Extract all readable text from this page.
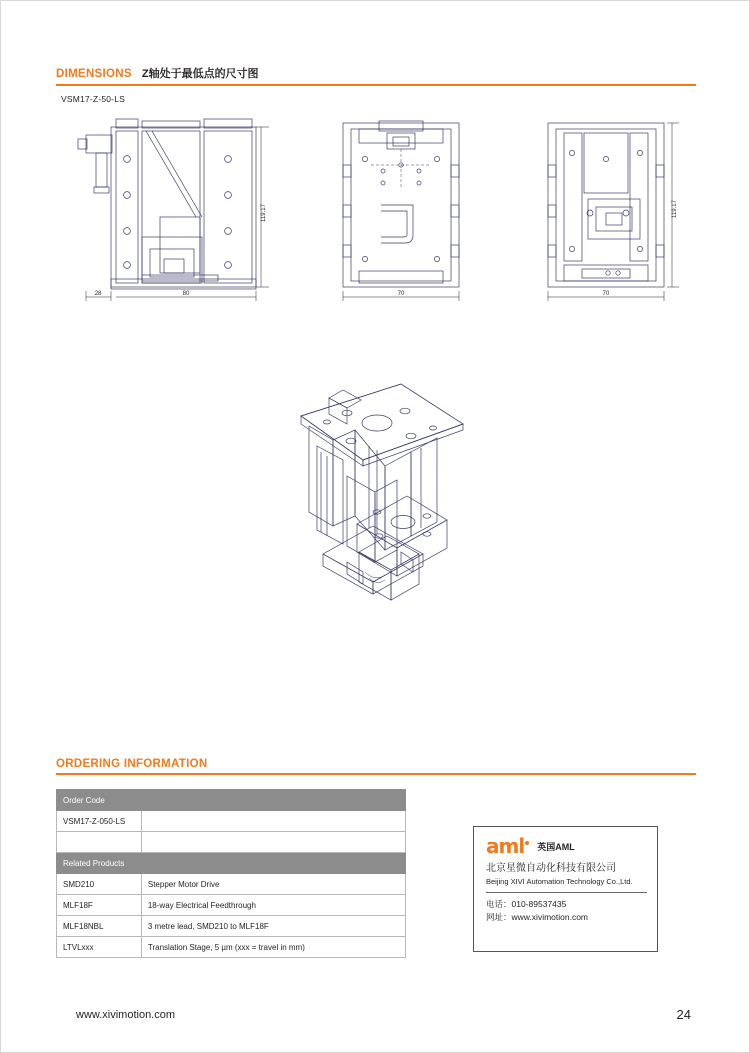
DIMENSIONS Z轴处于最低点的尺寸图
VSM17-Z-50-LS
119.17
28	80	70
119.17
70
ORDERING INFORMATION
Order Code	
VSM17-Z-050-LS	

Related Products	
SMD210	Stepper Motor Drive
MLF18F	18-way Electrical Feedthrough
MLF18NBL	3 metre lead, SMD210 to MLF18F
LTVLxxx	Translation Stage, 5 µm (xxx = travel in mm)
aml	英国AML
北京星微自动化科技有限公司
Beijing XIVI Automation Technology Co.,Ltd.
电话：010-89537435
网址：www.xivimotion.com
www.xivimotion.com	24
